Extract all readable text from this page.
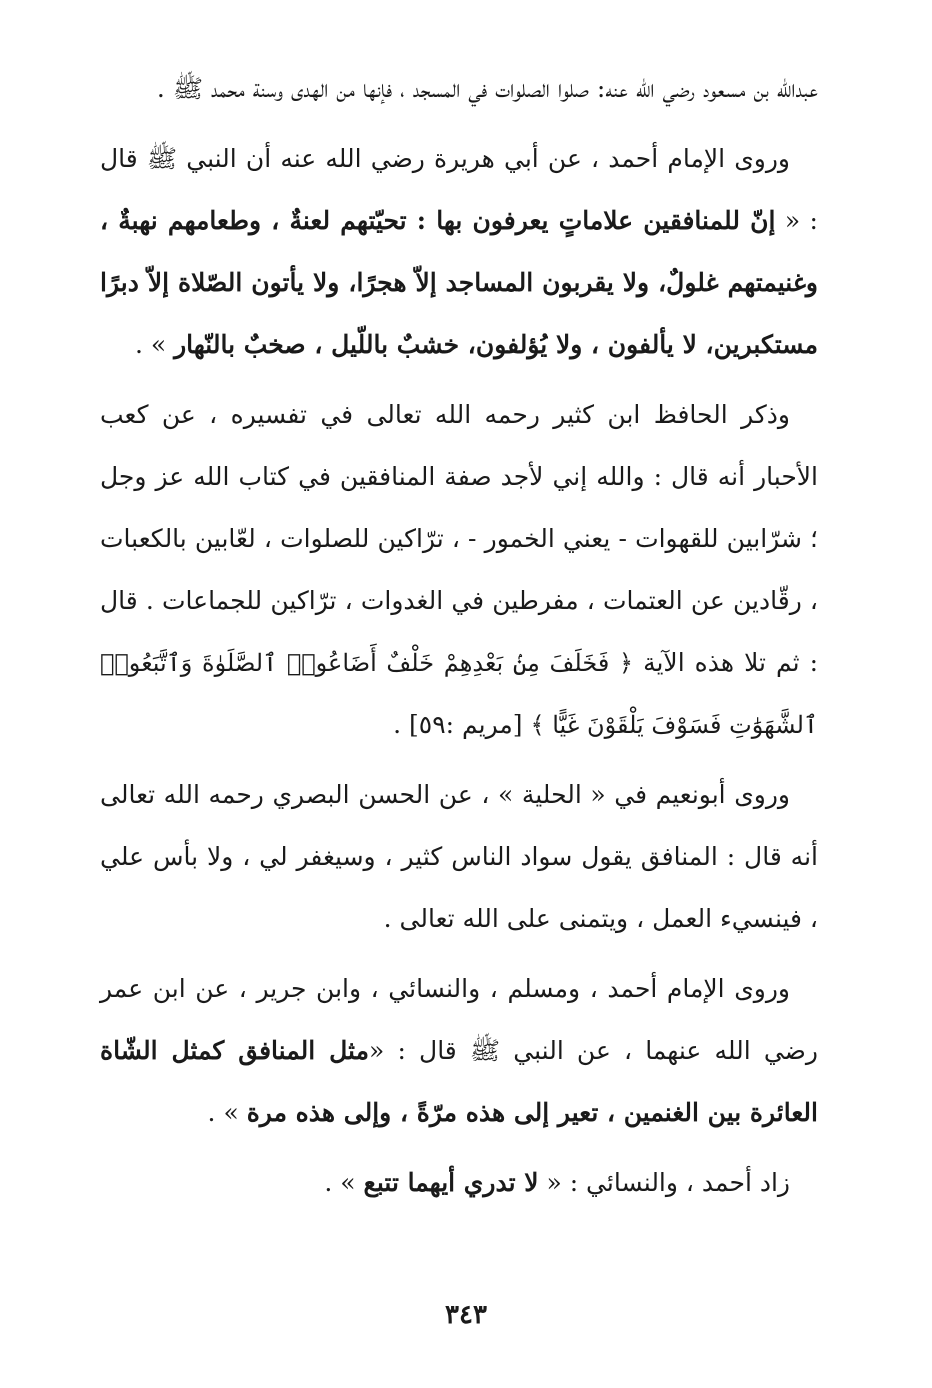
عبدالله بن مسعود رضي الله عنه: صلوا الصلوات في المسجد ، فإنها من الهدى وسنة محمد ﷺ .

وروى الإمام أحمد ، عن أبي هريرة رضي الله عنه أن النبي ﷺ قال : « إنّ للمنافقين علاماتٍ يعرفون بها : تحيّتهم لعنةٌ ، وطعامهم نهبةٌ ، وغنيمتهم غلولٌ، ولا يقربون المساجد إلاّ هجرًا، ولا يأتون الصّلاة إلاّ دبرًا مستكبرين، لا يألفون ، ولا يُؤلفون، خشبٌ باللّيل ، صخبٌ بالنّهار » .

وذكر الحافظ ابن كثير رحمه الله تعالى في تفسيره ، عن كعب الأحبار أنه قال : والله إني لأجد صفة المنافقين في كتاب الله عز وجل ؛ شرّابين للقهوات - يعني الخمور - ، ترّاكين للصلوات ، لعّابين بالكعبات ، رقّادين عن العتمات ، مفرطين في الغدوات ، ترّاكين للجماعات . قال : ثم تلا هذه الآية ﴿ فَخَلَفَ مِنۢ بَعْدِهِمْ خَلْفٌ أَضَاعُوا۟ ٱلصَّلَوٰةَ وَٱتَّبَعُوا۟ ٱلشَّهَوَٰتِ فَسَوْفَ يَلْقَوْنَ غَيًّا ﴾ [مريم :٥٩] .

وروى أبونعيم في « الحلية » ، عن الحسن البصري رحمه الله تعالى أنه قال : المنافق يقول سواد الناس كثير ، وسيغفر لي ، ولا بأس علي ، فينسيء العمل ، ويتمنى على الله تعالى .

وروى الإمام أحمد ، ومسلم ، والنسائي ، وابن جرير ، عن ابن عمر رضي الله عنهما ، عن النبي ﷺ قال : «مثل المنافق كمثل الشّاة العائرة بين الغنمين ، تعير إلى هذه مرّةً ، وإلى هذه مرة » .

زاد أحمد ، والنسائي : « لا تدري أيهما تتبع » .

٣٤٣
